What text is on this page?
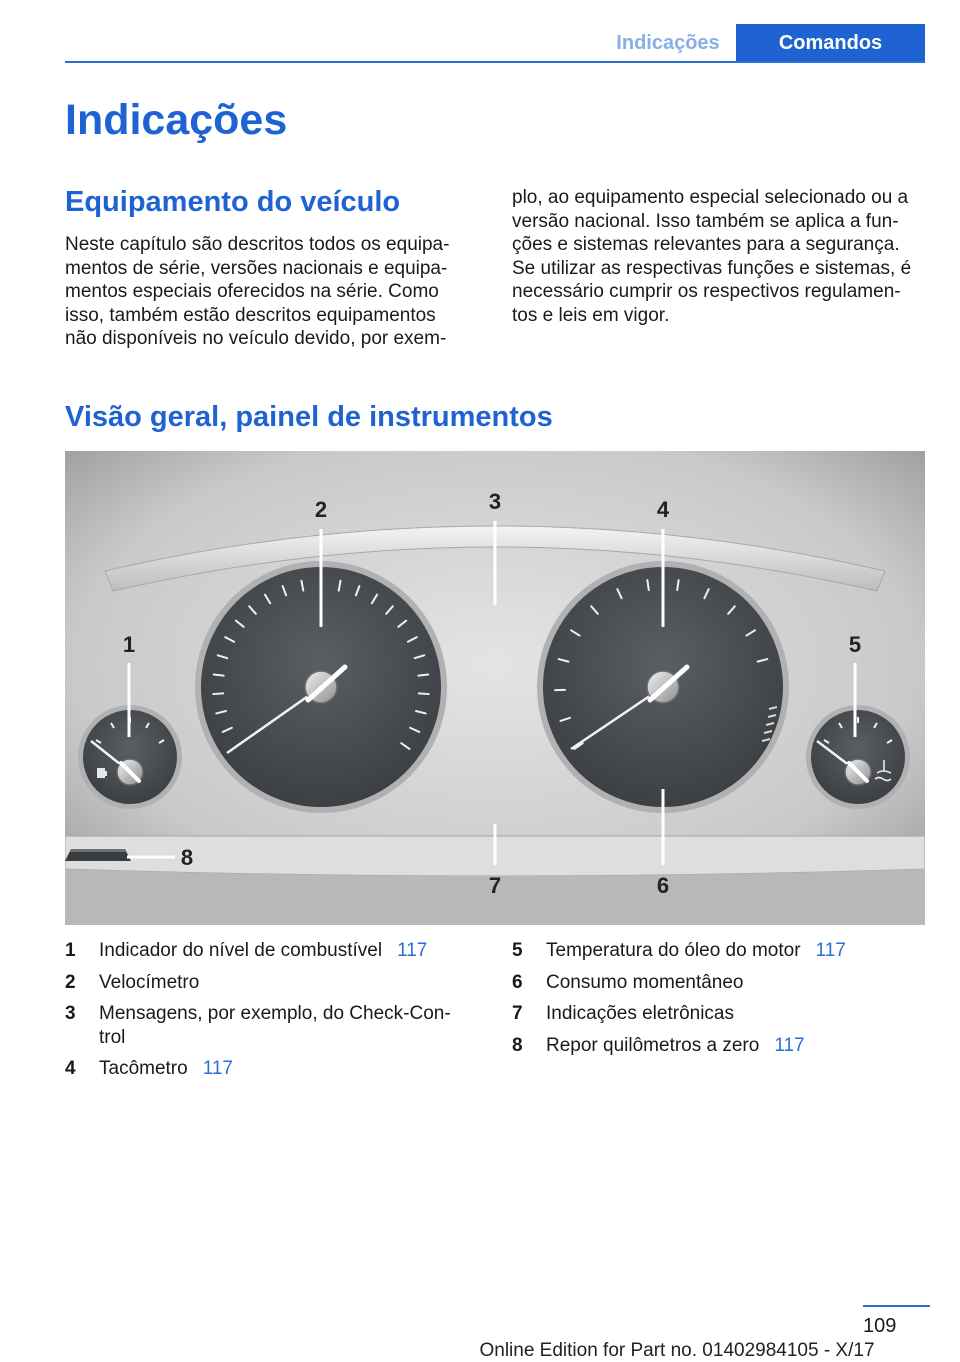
Indicações	Comandos
Indicações
Equipamento do veículo
Neste capítulo são descritos todos os equipa‐
mentos de série, versões nacionais e equipa‐
mentos especiais oferecidos na série. Como
isso, também estão descritos equipamentos
não disponíveis no veículo devido, por exem‐
plo, ao equipamento especial selecionado ou a
versão nacional. Isso também se aplica a fun‐
ções e sistemas relevantes para a segurança.
Se utilizar as respectivas funções e sistemas, é
necessário cumprir os respectivos regulamen‐
tos e leis em vigor.
Visão geral, painel de instrumentos
1
2	3	4
5
6
7
8
1	Indicador do nível de combustível 117
2	Velocímetro
3	Mensagens, por exemplo, do Check-Con‐
trol
4	Tacômetro 117
5	Temperatura do óleo do motor 117
6	Consumo momentâneo
7	Indicações eletrônicas
8	Repor quilômetros a zero 117
109
Online Edition for Part no. 01402984105 - X/17
